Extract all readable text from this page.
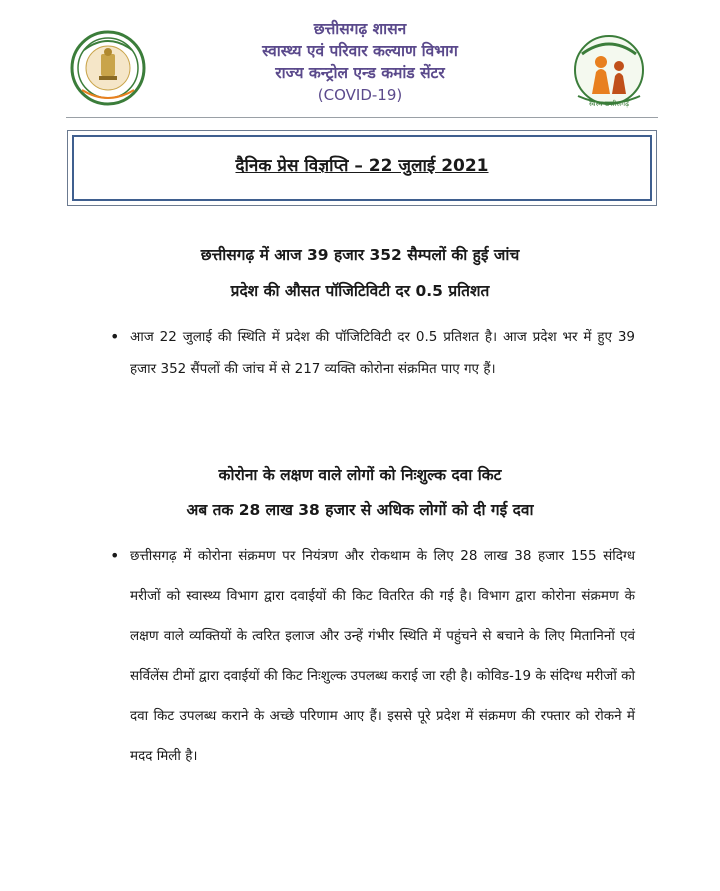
छत्तीसगढ़ शासन
स्वास्थ्य एवं परिवार कल्याण विभाग
राज्य कन्ट्रोल एन्ड कमांड सेंटर
(COVID-19)	स्वस्थ छत्तीसगढ़
दैनिक प्रेस विज्ञप्ति – 22 जुलाई 2021
छत्तीसगढ़ में आज 39 हजार 352 सैम्पलों की हुई जांच
प्रदेश की औसत पॉजिटिविटी दर 0.5 प्रतिशत
• आज 22 जुलाई की स्थिति में प्रदेश की पॉजिटिविटी दर 0.5 प्रतिशत है। आज प्रदेश भर में हुए 39 हजार 352 सैंपलों की जांच में से 217 व्यक्ति कोरोना संक्रमित पाए गए हैं।
कोरोना के लक्षण वाले लोगों को निःशुल्क दवा किट
अब तक 28 लाख 38 हजार से अधिक लोगों को दी गई दवा
• छत्तीसगढ़ में कोरोना संक्रमण पर नियंत्रण और रोकथाम के लिए 28 लाख 38 हजार 155 संदिग्ध मरीजों को स्वास्थ्य विभाग द्वारा दवाईयों की किट वितरित की गई है। विभाग द्वारा कोरोना संक्रमण के लक्षण वाले व्यक्तियों के त्वरित इलाज और उन्हें गंभीर स्थिति में पहुंचने से बचाने के लिए मितानिनों एवं सर्विलेंस टीमों द्वारा दवाईयों की किट निःशुल्क उपलब्ध कराई जा रही है। कोविड-19 के संदिग्ध मरीजों को दवा किट उपलब्ध कराने के अच्छे परिणाम आए हैं। इससे पूरे प्रदेश में संक्रमण की रफ्तार को रोकने में मदद मिली है।
